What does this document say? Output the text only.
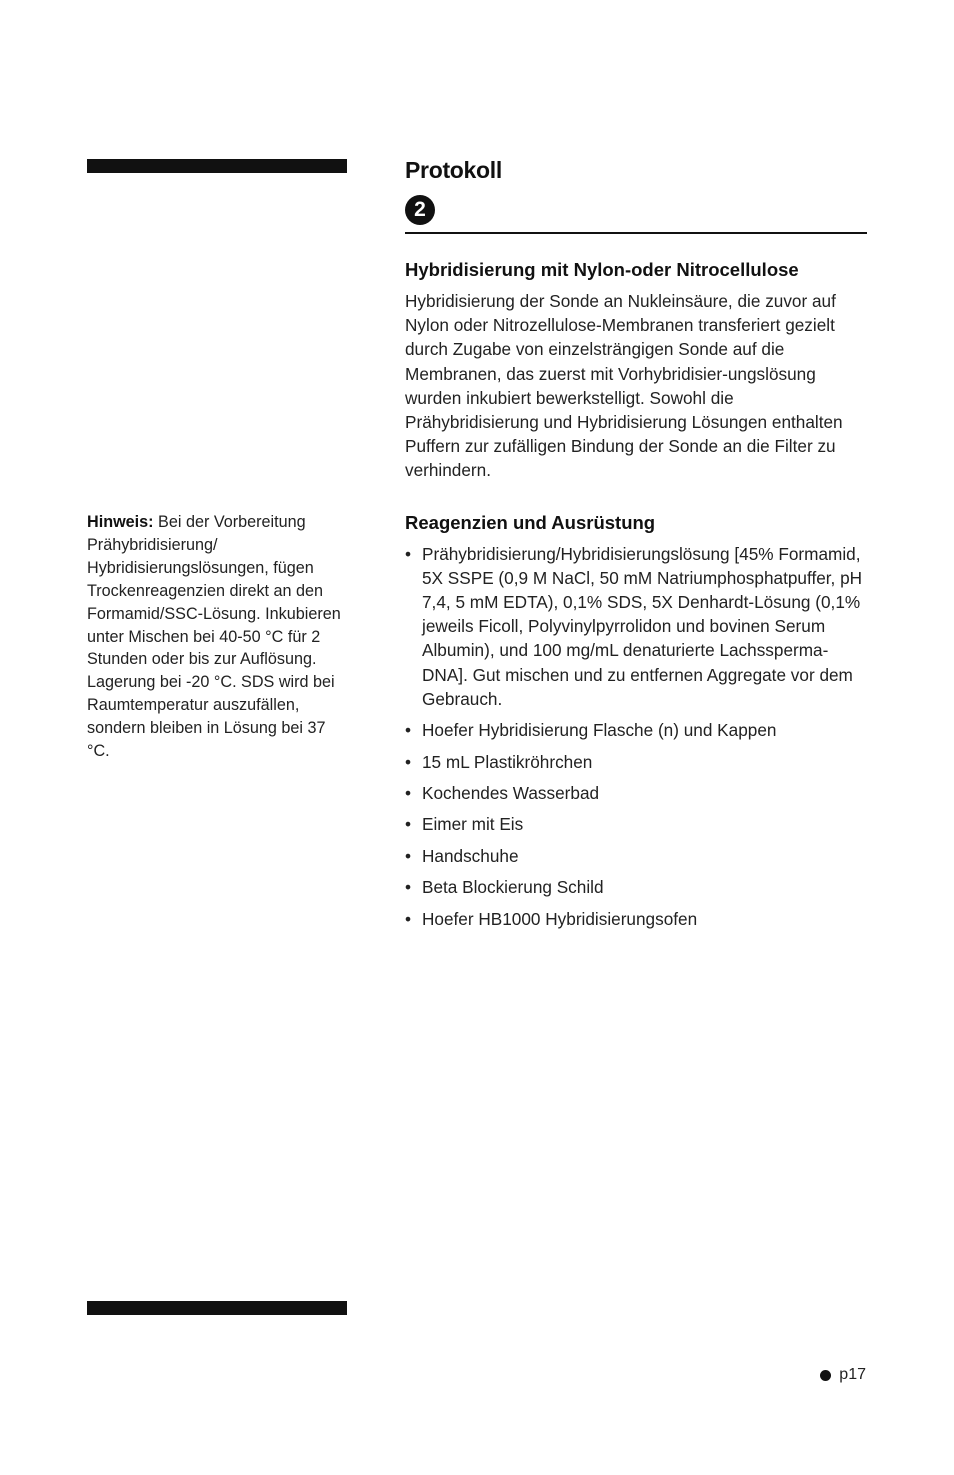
Hinweis: Bei der Vorbereitung Prähybridisierung/ Hybridisierungslösungen, fügen Trockenreagenzien direkt an den Formamid/SSC-Lösung. Inkubieren unter Mischen bei 40-50 °C für 2 Stunden oder bis zur Auflösung. Lagerung bei -20 °C. SDS wird bei Raumtemperatur auszufällen, sondern bleiben in Lösung bei 37 °C.
Protokoll
2
Hybridisierung mit Nylon-oder Nitrocellulose
Hybridisierung der Sonde an Nukleinsäure, die zuvor auf Nylon oder Nitrozellulose-Membranen transferiert gezielt durch Zugabe von einzelsträngigen Sonde auf die Membranen, das zuerst mit Vorhybridisier-ungslösung wurden inkubiert bewerkstelligt. Sowohl die Prähybridisierung und Hybridisierung Lösungen enthalten Puffern zur zufälligen Bindung der Sonde an die Filter zu verhindern.
Reagenzien und Ausrüstung
• Prähybridisierung/Hybridisierungslösung [45% Formamid, 5X SSPE (0,9 M NaCl, 50 mM Natriumphosphatpuffer, pH 7,4, 5 mM EDTA), 0,1% SDS, 5X Denhardt-Lösung (0,1% jeweils Ficoll, Polyvinylpyrrolidon und bovinen Serum Albumin), und 100 mg/mL denaturierte Lachssperma-DNA]. Gut mischen und zu entfernen Aggregate vor dem Gebrauch.
• Hoefer Hybridisierung Flasche (n) und Kappen
• 15 mL Plastikröhrchen
• Kochendes Wasserbad
• Eimer mit Eis
• Handschuhe
• Beta Blockierung Schild
• Hoefer HB1000 Hybridisierungsofen
p17
